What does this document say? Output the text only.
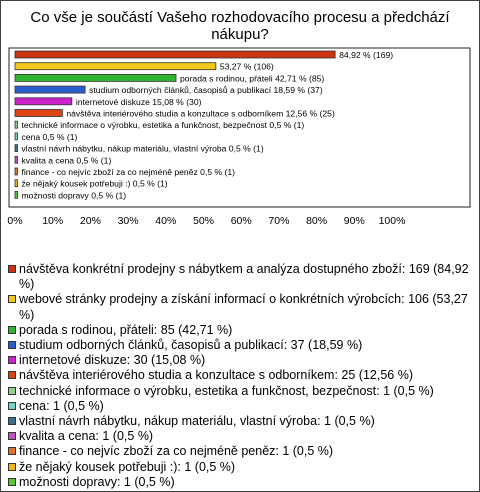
Co vše je součástí Vašeho rozhodovacího procesu a předchází nákupu?
84,92 % (169)
53,27 % (106)
porada s rodinou, přáteli 42,71 % (85)
studium odborných článků, časopisů a publikací 18,59 % (37)
internetové diskuze 15,08 % (30)
návštěva interiérového studia a konzultace s odborníkem 12,56 % (25)
technické informace o výrobku, estetika a funkčnost, bezpečnost 0,5 % (1)
cena 0,5 % (1)
vlastní návrh nábytku, nákup materiálu, vlastní výroba 0,5 % (1)
kvalita a cena 0,5 % (1)
finance - co nejvíc zboží za co nejméně peněz 0,5 % (1)
že nějaký kousek potřebuji :) 0,5 % (1)
možnosti dopravy 0,5 % (1)
0% 10% 20% 30% 40% 50% 60% 70% 80% 90% 100%
návštěva konkrétní prodejny s nábytkem a analýza dostupného zboží: 169 (84,92 %)
webové stránky prodejny a získání informací o konkrétních výrobcích: 106 (53,27 %)
porada s rodinou, přáteli: 85 (42,71 %)
studium odborných článků, časopisů a publikací: 37 (18,59 %)
internetové diskuze: 30 (15,08 %)
návštěva interiérového studia a konzultace s odborníkem: 25 (12,56 %)
technické informace o výrobku, estetika a funkčnost, bezpečnost: 1 (0,5 %)
cena: 1 (0,5 %)
vlastní návrh nábytku, nákup materiálu, vlastní výroba: 1 (0,5 %)
kvalita a cena: 1 (0,5 %)
finance - co nejvíc zboží za co nejméně peněz: 1 (0,5 %)
že nějaký kousek potřebuji :): 1 (0,5 %)
možnosti dopravy: 1 (0,5 %)
